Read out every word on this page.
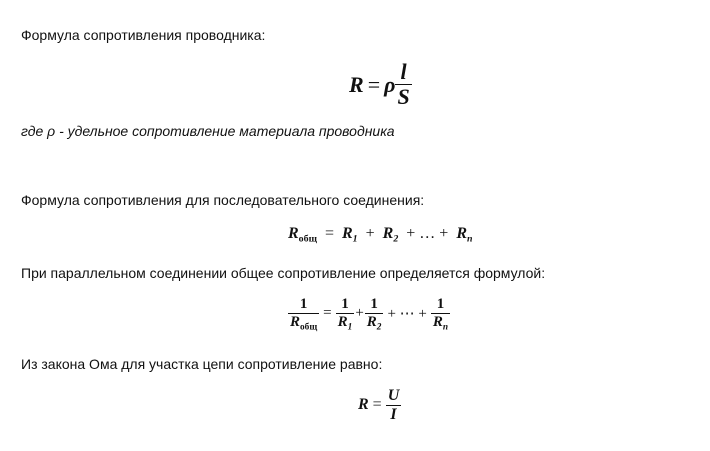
Формула сопротивления проводника:
R = ρ $\frac{l}{S}$
где ρ - удельное сопротивление материала проводника
Формула сопротивления для последовательного соединения:
$R_{общ} = R_1 + R_2$ + … + $R_n$
При параллельном соединении общее сопротивление определяется формулой:
$\frac{1}{R_{общ}} = \frac{1}{R_1} + \frac{1}{R_2}$ + ⋯ + $\frac{1}{R_n}$
Из закона Ома для участка цепи сопротивление равно:
$R = \frac{U}{I}$
